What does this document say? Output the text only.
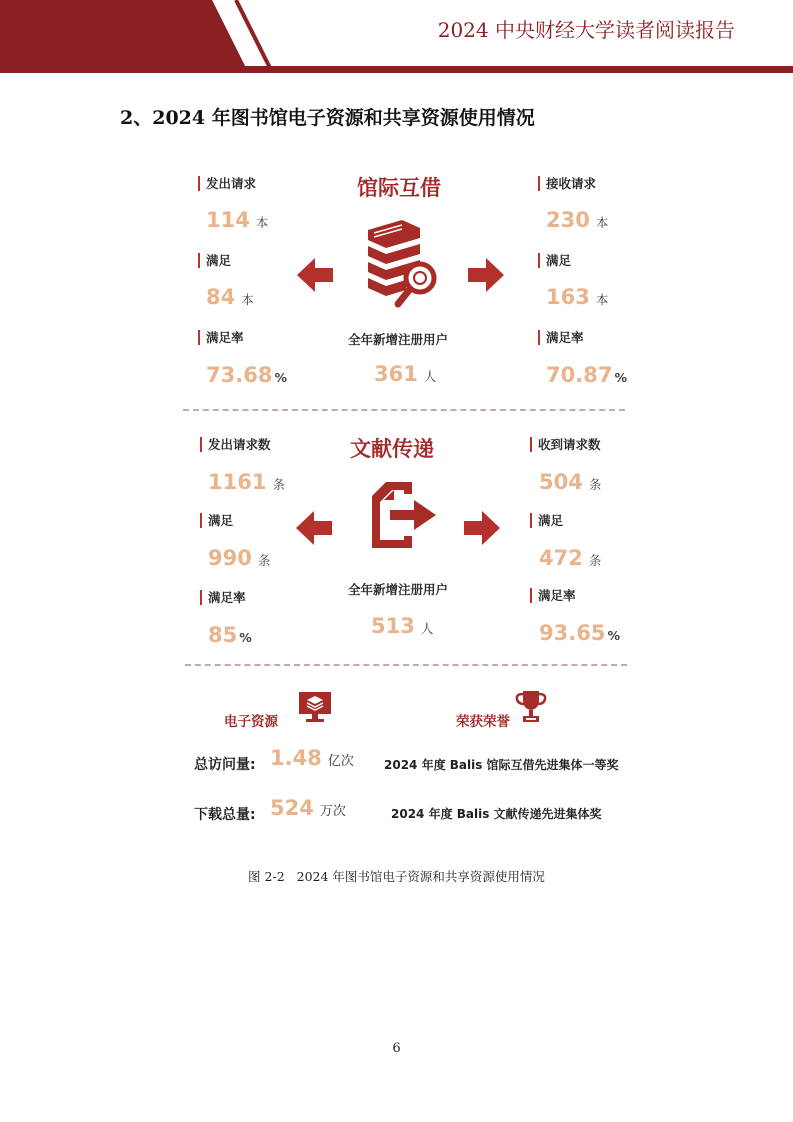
2024 中央财经大学读者阅读报告
2、2024 年图书馆电子资源和共享资源使用情况
馆际互借
发出请求
114 本
满足
84 本
满足率
73.68 %
接收请求
230 本
满足
163 本
满足率
70.87 %
全年新增注册用户
361 人
文献传递
发出请求数
1161 条
满足
990 条
满足率
85 %
收到请求数
504 条
满足
472 条
满足率
93.65 %
全年新增注册用户
513 人
电子资源	荣获荣誉
总访问量: 1.48 亿次
下载总量: 524 万次
2024 年度 Balis 馆际互借先进集体一等奖
2024 年度 Balis 文献传递先进集体奖
图 2-2 2024 年图书馆电子资源和共享资源使用情况
6
